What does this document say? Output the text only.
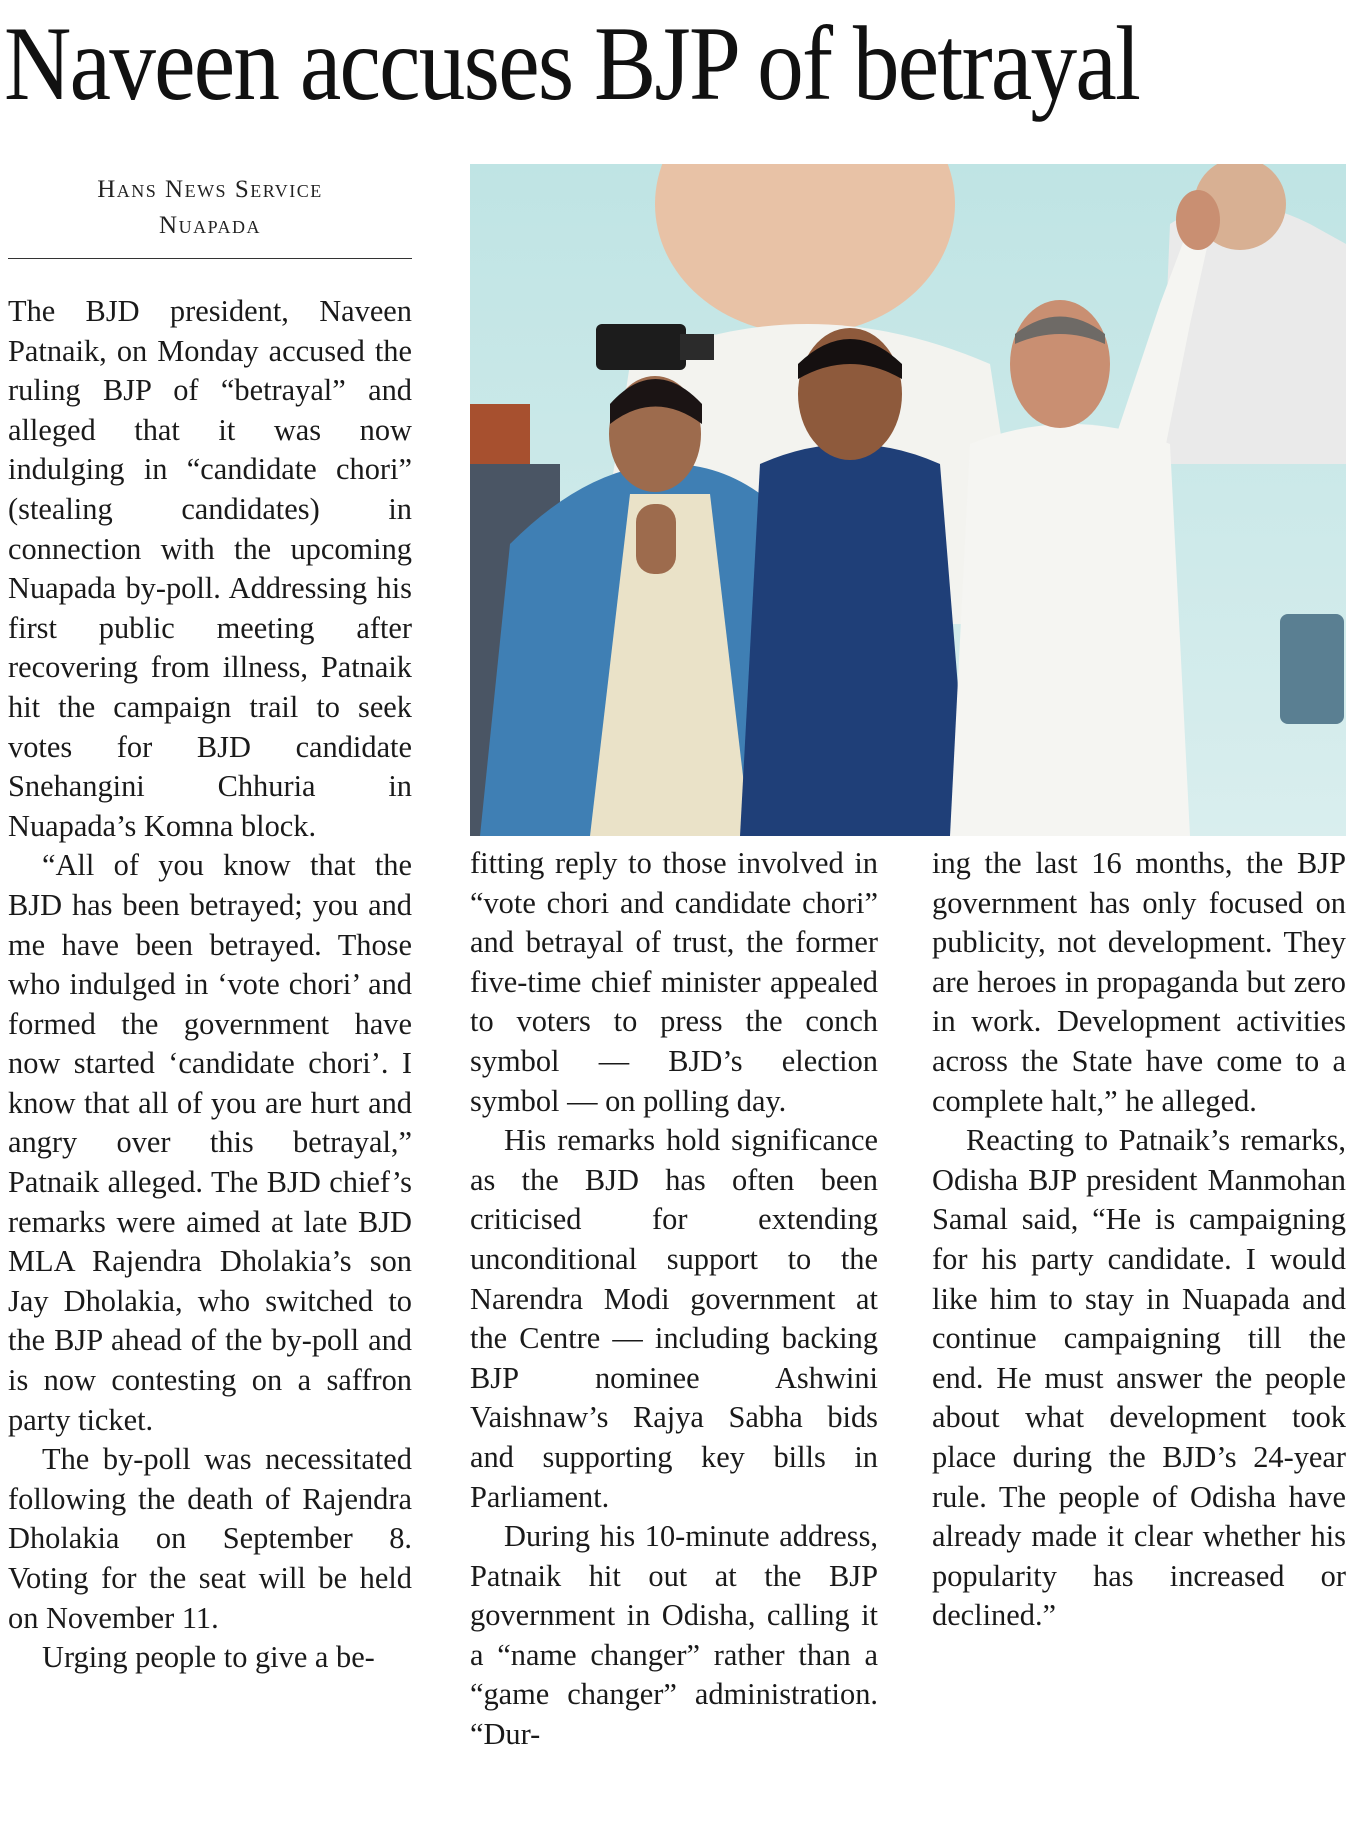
Naveen accuses BJP of betrayal
Hans News Service
Nuapada

The BJD president, Naveen Patnaik, on Monday accused the ruling BJP of “betrayal” and alleged that it was now indulging in “candidate chori” (stealing candidates) in connection with the upcoming Nuapada by-poll. Addressing his first public meeting after recovering from illness, Patnaik hit the campaign trail to seek votes for BJD candidate Snehangini Chhuria in Nuapada’s Komna block.

“All of you know that the BJD has been betrayed; you and me have been betrayed. Those who indulged in ‘vote chori’ and formed the government have now started ‘candidate chori’. I know that all of you are hurt and angry over this betrayal,” Patnaik alleged. The BJD chief’s remarks were aimed at late BJD MLA Rajendra Dholakia’s son Jay Dholakia, who switched to the BJP ahead of the by-poll and is now contesting on a saffron party ticket.

The by-poll was necessitated following the death of Rajendra Dholakia on September 8. Voting for the seat will be held on November 11.

Urging people to give a be-

fitting reply to those involved in “vote chori and candidate chori” and betrayal of trust, the former five-time chief minister appealed to voters to press the conch symbol — BJD’s election symbol — on polling day.

His remarks hold significance as the BJD has often been criticised for extending unconditional support to the Narendra Modi government at the Centre — including backing BJP nominee Ashwini Vaishnaw’s Rajya Sabha bids and supporting key bills in Parliament.

During his 10-minute address, Patnaik hit out at the BJP government in Odisha, calling it a “name changer” rather than a “game changer” administration. “Dur-

ing the last 16 months, the BJP government has only focused on publicity, not development. They are heroes in propaganda but zero in work. Development activities across the State have come to a complete halt,” he alleged.

Reacting to Patnaik’s remarks, Odisha BJP president Manmohan Samal said, “He is campaigning for his party candidate. I would like him to stay in Nuapada and continue campaigning till the end. He must answer the people about what development took place during the BJD’s 24-year rule. The people of Odisha have already made it clear whether his popularity has increased or declined.”
